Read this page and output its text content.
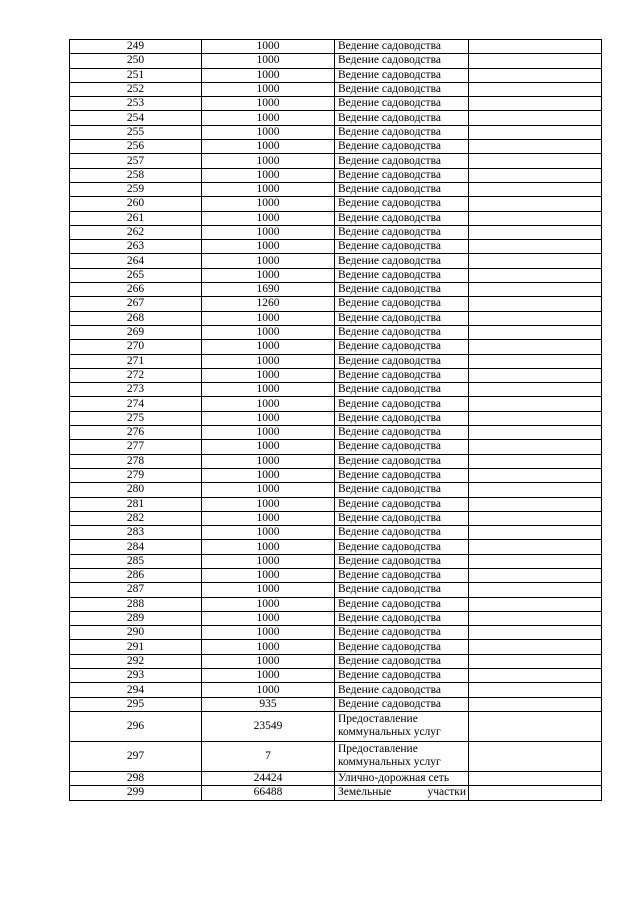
249	1000	Ведение садоводства	
250	1000	Ведение садоводства	
251	1000	Ведение садоводства	
252	1000	Ведение садоводства	
253	1000	Ведение садоводства	
254	1000	Ведение садоводства	
255	1000	Ведение садоводства	
256	1000	Ведение садоводства	
257	1000	Ведение садоводства	
258	1000	Ведение садоводства	
259	1000	Ведение садоводства	
260	1000	Ведение садоводства	
261	1000	Ведение садоводства	
262	1000	Ведение садоводства	
263	1000	Ведение садоводства	
264	1000	Ведение садоводства	
265	1000	Ведение садоводства	
266	1690	Ведение садоводства	
267	1260	Ведение садоводства	
268	1000	Ведение садоводства	
269	1000	Ведение садоводства	
270	1000	Ведение садоводства	
271	1000	Ведение садоводства	
272	1000	Ведение садоводства	
273	1000	Ведение садоводства	
274	1000	Ведение садоводства	
275	1000	Ведение садоводства	
276	1000	Ведение садоводства	
277	1000	Ведение садоводства	
278	1000	Ведение садоводства	
279	1000	Ведение садоводства	
280	1000	Ведение садоводства	
281	1000	Ведение садоводства	
282	1000	Ведение садоводства	
283	1000	Ведение садоводства	
284	1000	Ведение садоводства	
285	1000	Ведение садоводства	
286	1000	Ведение садоводства	
287	1000	Ведение садоводства	
288	1000	Ведение садоводства	
289	1000	Ведение садоводства	
290	1000	Ведение садоводства	
291	1000	Ведение садоводства	
292	1000	Ведение садоводства	
293	1000	Ведение садоводства	
294	1000	Ведение садоводства	
295	935	Ведение садоводства	
296	23549	Предоставление коммунальных услуг	
297	7	Предоставление коммунальных услуг	
298	24424	Улично-дорожная сеть	
299	66488	Земельные участки	
